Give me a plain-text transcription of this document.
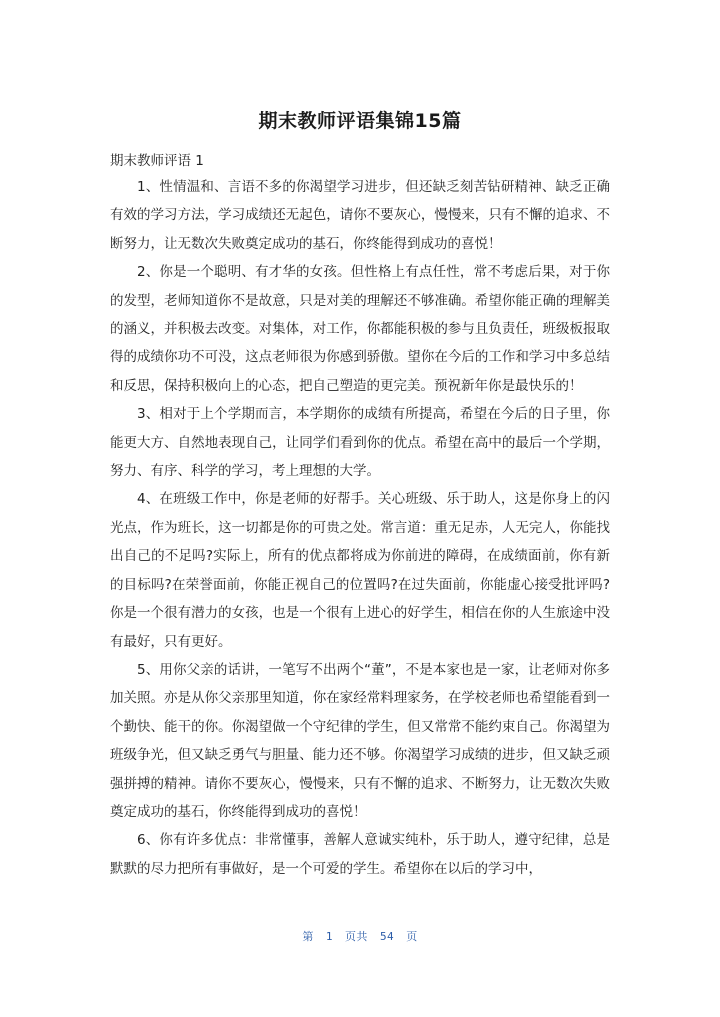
期末教师评语集锦15篇
期末教师评语 1

1、性情温和、言语不多的你渴望学习进步，但还缺乏刻苦钻研精神、缺乏正确有效的学习方法，学习成绩还无起色，请你不要灰心，慢慢来，只有不懈的追求、不断努力，让无数次失败奠定成功的基石，你终能得到成功的喜悦！

2、你是一个聪明、有才华的女孩。但性格上有点任性，常不考虑后果，对于你的发型，老师知道你不是故意，只是对美的理解还不够准确。希望你能正确的理解美的涵义，并积极去改变。对集体，对工作，你都能积极的参与且负责任，班级板报取得的成绩你功不可没，这点老师很为你感到骄傲。望你在今后的工作和学习中多总结和反思，保持积极向上的心态，把自己塑造的更完美。预祝新年你是最快乐的！

3、相对于上个学期而言，本学期你的成绩有所提高，希望在今后的日子里，你能更大方、自然地表现自己，让同学们看到你的优点。希望在高中的最后一个学期，努力、有序、科学的学习，考上理想的大学。

4、在班级工作中，你是老师的好帮手。关心班级、乐于助人，这是你身上的闪光点，作为班长，这一切都是你的可贵之处。常言道：重无足赤，人无完人，你能找出自己的不足吗?实际上，所有的优点都将成为你前进的障碍，在成绩面前，你有新的目标吗?在荣誉面前，你能正视自己的位置吗?在过失面前，你能虚心接受批评吗?你是一个很有潜力的女孩，也是一个很有上进心的好学生，相信在你的人生旅途中没有最好，只有更好。

5、用你父亲的话讲，一笔写不出两个“董”，不是本家也是一家，让老师对你多加关照。亦是从你父亲那里知道，你在家经常料理家务，在学校老师也希望能看到一个勤快、能干的你。你渴望做一个守纪律的学生，但又常常不能约束自己。你渴望为班级争光，但又缺乏勇气与胆量、能力还不够。你渴望学习成绩的进步，但又缺乏顽强拼搏的精神。请你不要灰心，慢慢来，只有不懈的追求、不断努力，让无数次失败奠定成功的基石，你终能得到成功的喜悦！

6、你有许多优点：非常懂事，善解人意诚实纯朴，乐于助人，遵守纪律，总是默默的尽力把所有事做好，是一个可爱的学生。希望你在以后的学习中，

第 1 页共 54 页
